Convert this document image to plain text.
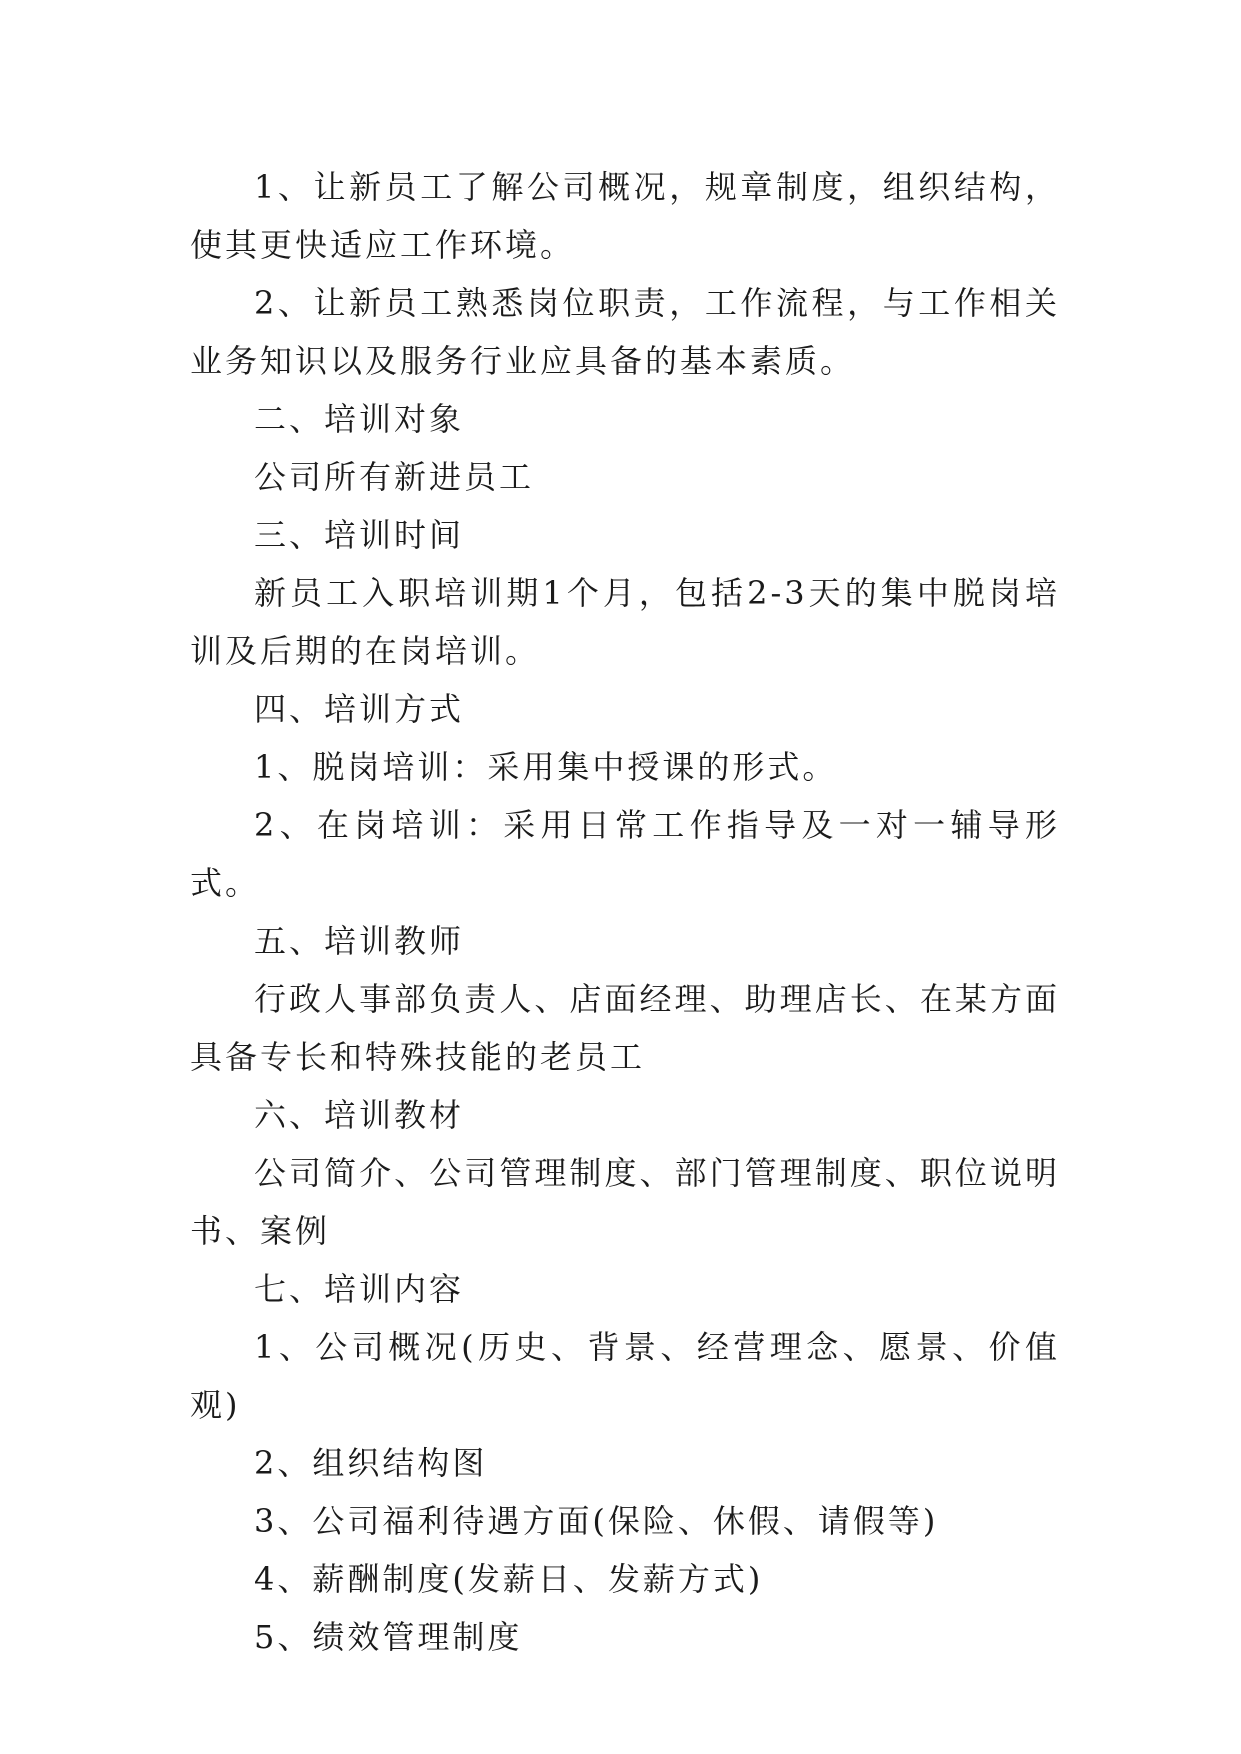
1、让新员工了解公司概况，规章制度，组织结构，使其更快适应工作环境。

2、让新员工熟悉岗位职责，工作流程，与工作相关业务知识以及服务行业应具备的基本素质。

二、培训对象

公司所有新进员工

三、培训时间

新员工入职培训期1个月，包括2-3天的集中脱岗培训及后期的在岗培训。

四、培训方式

1、脱岗培训：采用集中授课的形式。

2、在岗培训：采用日常工作指导及一对一辅导形式。

五、培训教师

行政人事部负责人、店面经理、助理店长、在某方面具备专长和特殊技能的老员工

六、培训教材

公司简介、公司管理制度、部门管理制度、职位说明书、案例

七、培训内容

1、公司概况(历史、背景、经营理念、愿景、价值观)

2、组织结构图

3、公司福利待遇方面(保险、休假、请假等)

4、薪酬制度(发薪日、发薪方式)

5、绩效管理制度
